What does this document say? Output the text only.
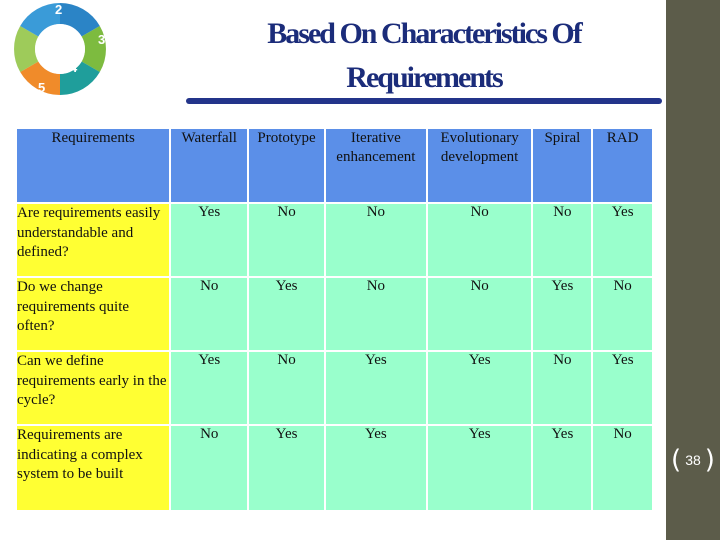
1	2
3
4
5
6	Based On Characteristics Of
Requirements
Requirements	Waterfall	Prototype	Iterative enhancement	Evolutionary development	Spiral	RAD
Are requirements easily understandable and defined?	Yes	No	No	No	No	Yes
Do we change requirements quite often?	No	Yes	No	No	Yes	No
Can we define requirements early in the cycle?	Yes	No	Yes	Yes	No	Yes
Requirements are indicating a complex system to be built	No	Yes	Yes	Yes	Yes	No
( 38 )
